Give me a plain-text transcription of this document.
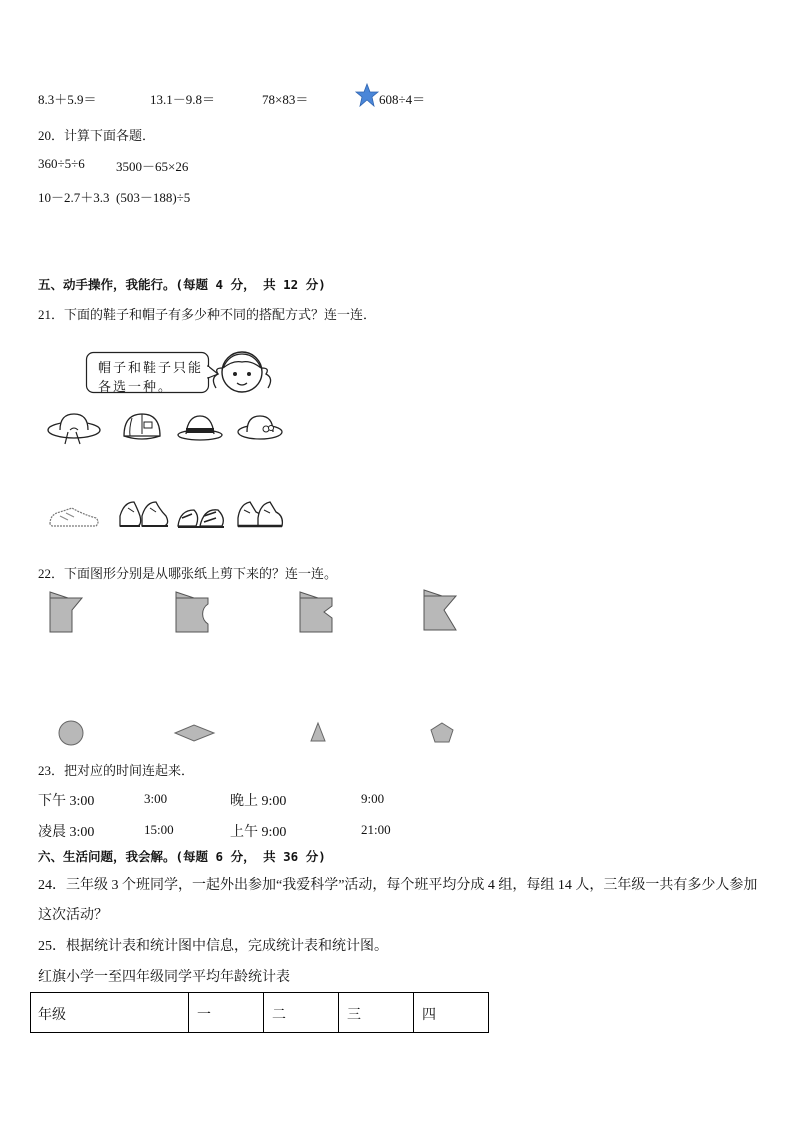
8.3＋5.9＝	13.1－9.8＝	78×83＝	608÷4＝
20．计算下面各题．
360÷5÷6 3500－65×26
10－2.7＋3.3 (503－188)÷5
五、动手操作，我能行。(每题 4 分， 共 12 分)
21．下面的鞋子和帽子有多少种不同的搭配方式？连一连．
帽子和鞋子只能
各选一种。
22．下面图形分别是从哪张纸上剪下来的？连一连。
23．把对应的时间连起来．
下午 3:00	3:00	晚上 9:00	9:00
凌晨 3:00	15:00	上午 9:00	21:00
六、生活问题，我会解。(每题 6 分， 共 36 分)
24．三年级 3 个班同学，一起外出参加“我爱科学”活动，每个班平均分成 4 组，每组 14 人，三年级一共有多少人参加
这次活动？
25．根据统计表和统计图中信息，完成统计表和统计图。
红旗小学一至四年级同学平均年龄统计表
年级	一	二	三	四
